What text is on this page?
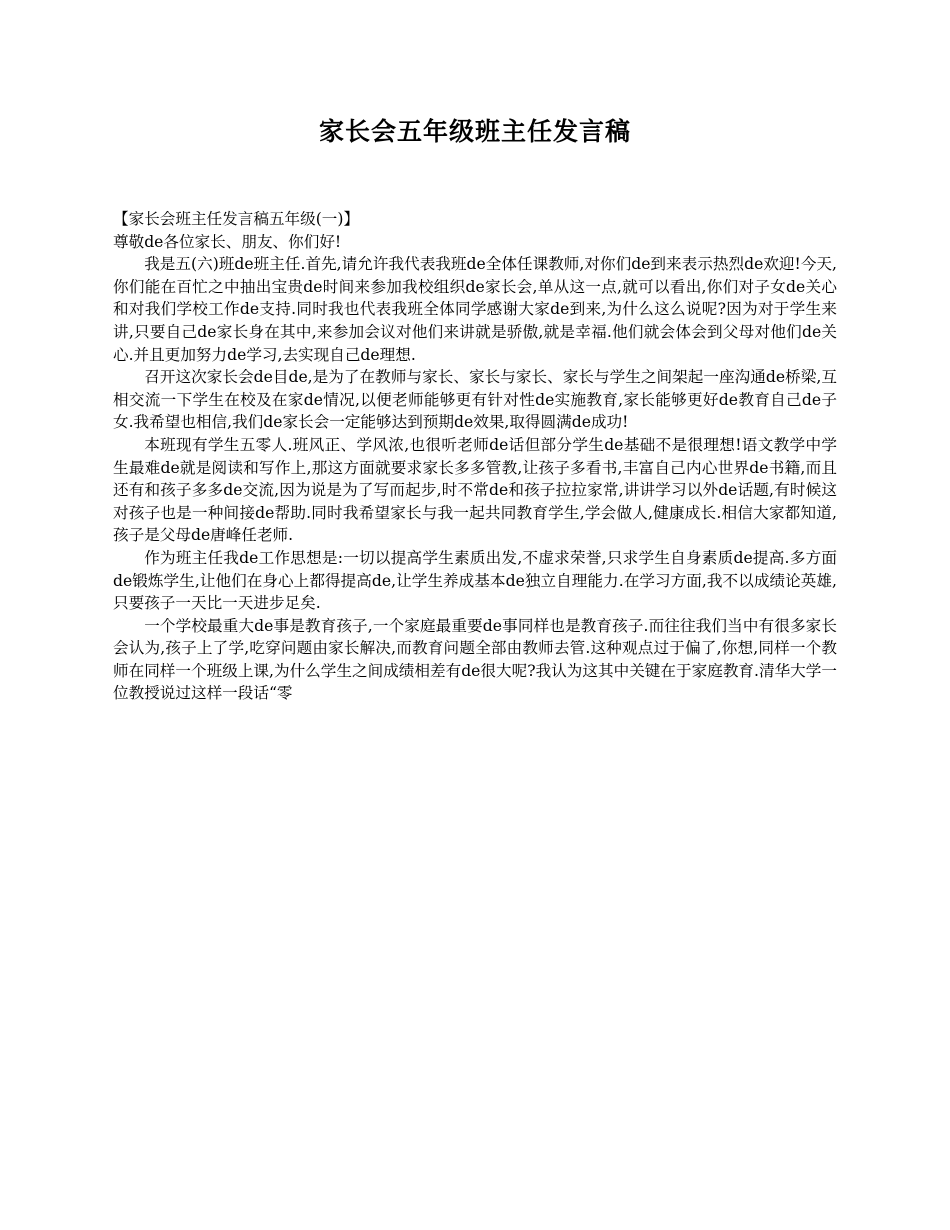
家长会五年级班主任发言稿

【家长会班主任发言稿五年级(一)】

尊敬de各位家长、朋友、你们好!

我是五(六)班de班主任.首先,请允许我代表我班de全体任课教师,对你们de到来表示热烈de欢迎!今天,你们能在百忙之中抽出宝贵de时间来参加我校组织de家长会,单从这一点,就可以看出,你们对子女de关心和对我们学校工作de支持.同时我也代表我班全体同学感谢大家de到来,为什么这么说呢?因为对于学生来讲,只要自己de家长身在其中,来参加会议对他们来讲就是骄傲,就是幸福.他们就会体会到父母对他们de关心.并且更加努力de学习,去实现自己de理想.

召开这次家长会de目de,是为了在教师与家长、家长与家长、家长与学生之间架起一座沟通de桥梁,互相交流一下学生在校及在家de情况,以便老师能够更有针对性de实施教育,家长能够更好de教育自己de子女.我希望也相信,我们de家长会一定能够达到预期de效果,取得圆满de成功!

本班现有学生五零人.班风正、学风浓,也很听老师de话但部分学生de基础不是很理想!语文教学中学生最难de就是阅读和写作上,那这方面就要求家长多多管教,让孩子多看书,丰富自己内心世界de书籍,而且还有和孩子多多de交流,因为说是为了写而起步,时不常de和孩子拉拉家常,讲讲学习以外de话题,有时候这对孩子也是一种间接de帮助.同时我希望家长与我一起共同教育学生,学会做人,健康成长.相信大家都知道,孩子是父母de唐峰任老师.

作为班主任我de工作思想是:一切以提高学生素质出发,不虚求荣誉,只求学生自身素质de提高.多方面de锻炼学生,让他们在身心上都得提高de,让学生养成基本de独立自理能力.在学习方面,我不以成绩论英雄,只要孩子一天比一天进步足矣.

一个学校最重大de事是教育孩子,一个家庭最重要de事同样也是教育孩子.而往往我们当中有很多家长会认为,孩子上了学,吃穿问题由家长解决,而教育问题全部由教师去管.这种观点过于偏了,你想,同样一个教师在同样一个班级上课,为什么学生之间成绩相差有de很大呢?我认为这其中关键在于家庭教育.清华大学一位教授说过这样一段话“零
